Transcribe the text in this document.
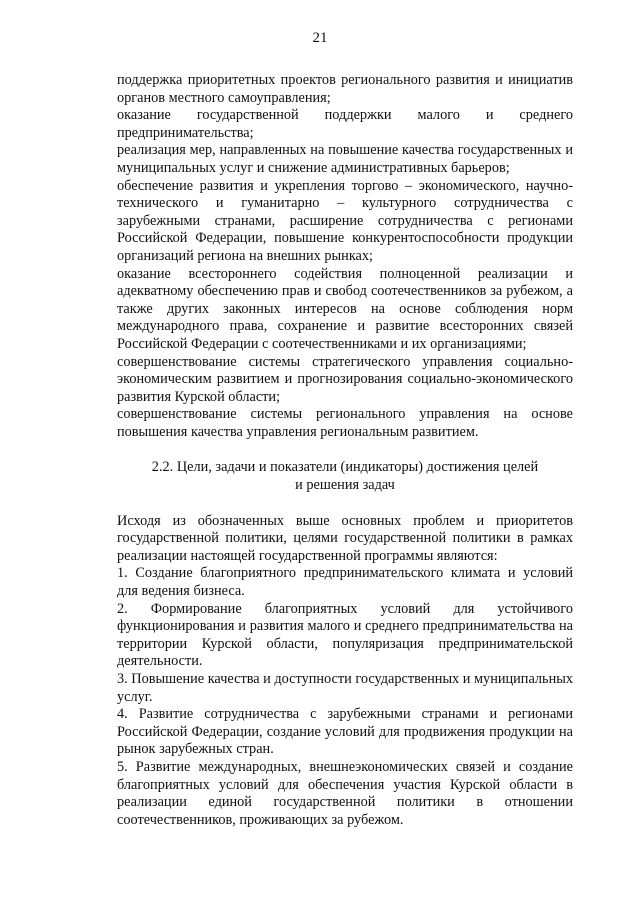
21

поддержка приоритетных проектов регионального развития и инициатив органов местного самоуправления;

оказание государственной поддержки малого и среднего предпринимательства;

реализация мер, направленных на повышение качества государственных и муниципальных услуг и снижение административных барьеров;

обеспечение развития и укрепления торгово – экономического, научно-технического и гуманитарно – культурного сотрудничества с зарубежными странами, расширение сотрудничества с регионами Российской Федерации, повышение конкурентоспособности продукции организаций региона на внешних рынках;

оказание всестороннего содействия полноценной реализации и адекватному обеспечению прав и свобод соотечественников за рубежом, а также других законных интересов на основе соблюдения норм международного права, сохранение и развитие всесторонних связей Российской Федерации с соотечественниками и их организациями;

совершенствование системы стратегического управления социально-экономическим развитием и прогнозирования социально-экономического развития Курской области;

совершенствование системы регионального управления на основе повышения качества управления региональным развитием.

2.2. Цели, задачи и показатели (индикаторы) достижения целей
и решения задач

Исходя из обозначенных выше основных проблем и приоритетов государственной политики, целями государственной политики в рамках реализации настоящей государственной программы являются:

1. Создание благоприятного предпринимательского климата и условий для ведения бизнеса.

2. Формирование благоприятных условий для устойчивого функционирования и развития малого и среднего предпринимательства на территории Курской области, популяризация предпринимательской деятельности.

3. Повышение качества и доступности государственных и муниципальных услуг.

4. Развитие сотрудничества с зарубежными странами и регионами Российской Федерации, создание условий для продвижения продукции на рынок зарубежных стран.

5. Развитие международных, внешнеэкономических связей и создание благоприятных условий для обеспечения участия Курской области в реализации единой государственной политики в отношении соотечественников, проживающих за рубежом.
